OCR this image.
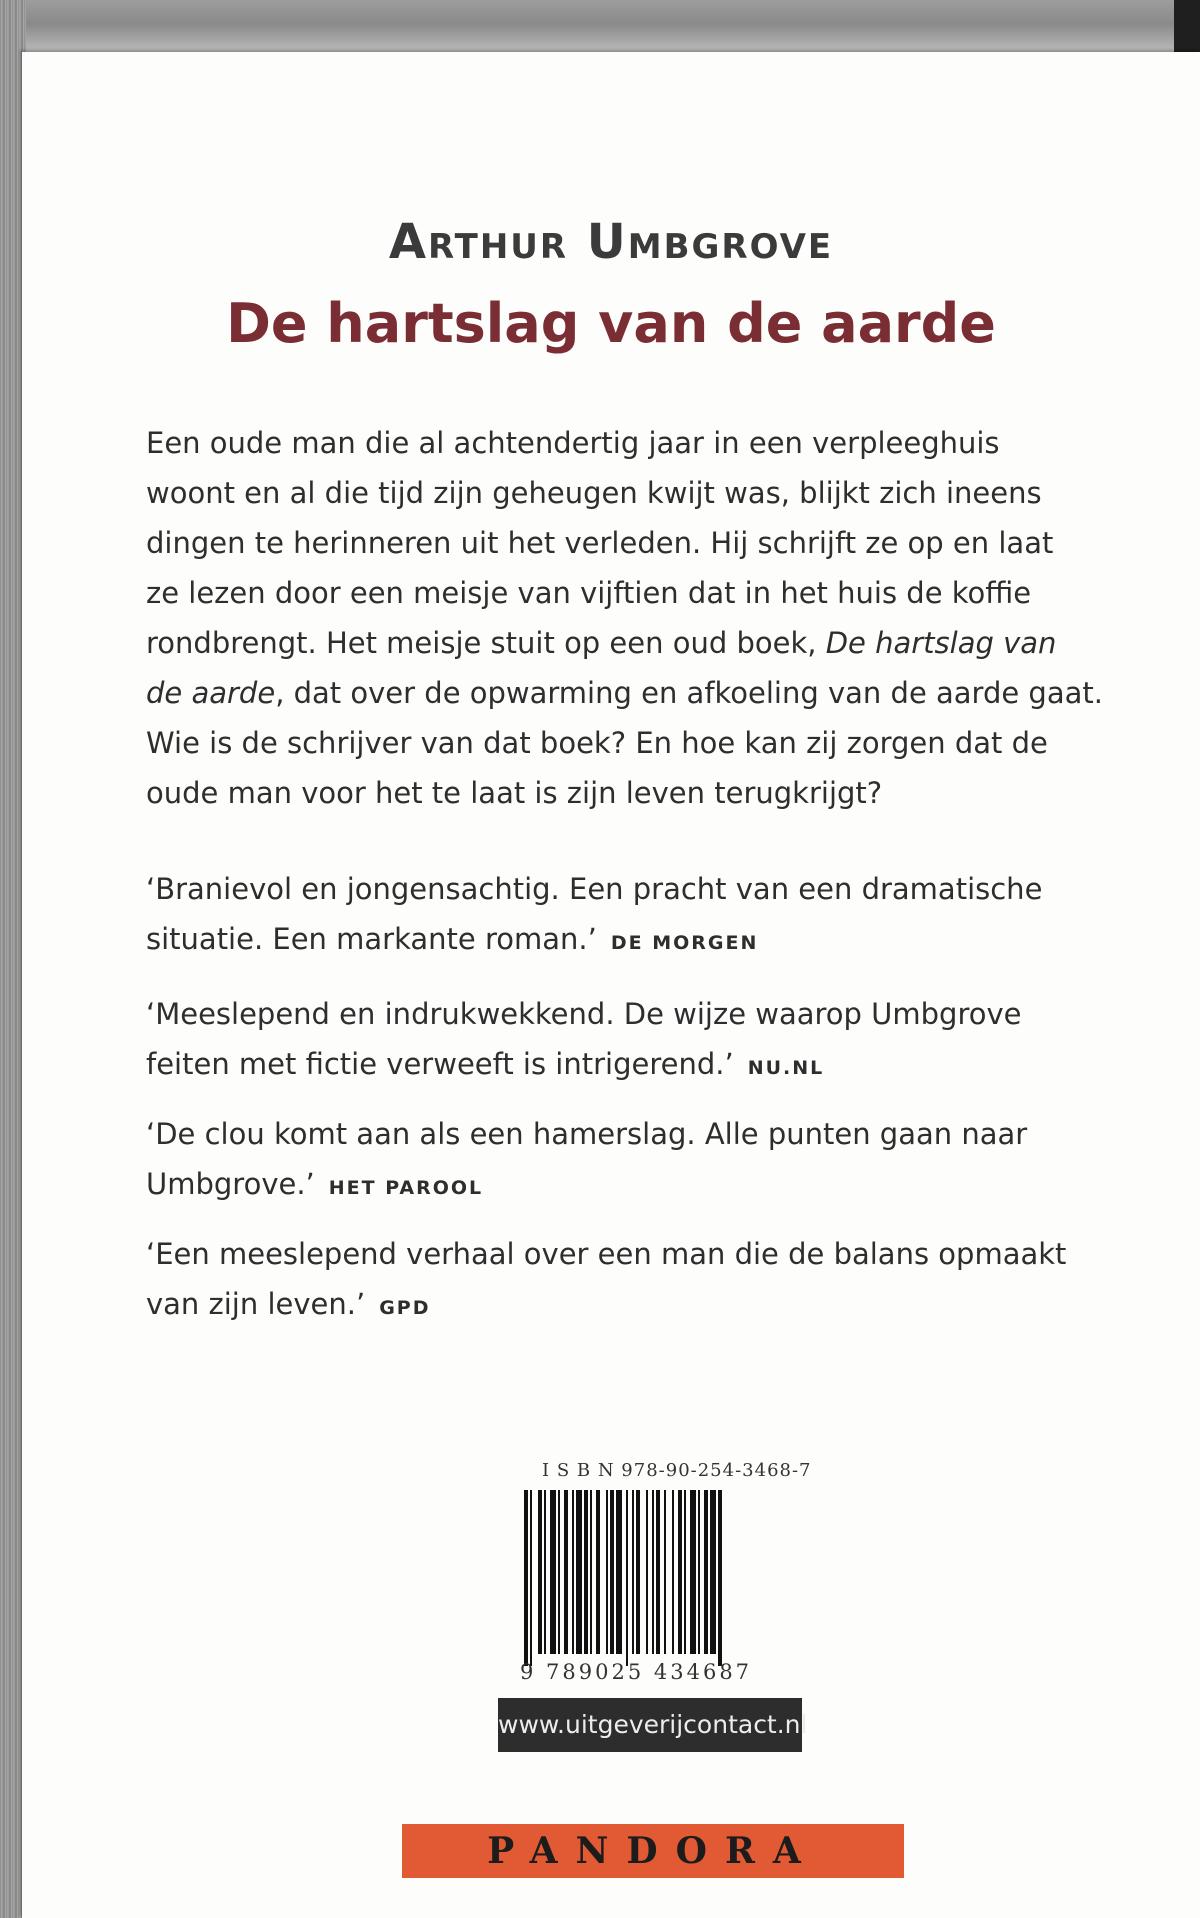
Arthur Umbgrove
De hartslag van de aarde
Een oude man die al achtendertig jaar in een verpleeghuis
woont en al die tijd zijn geheugen kwijt was, blijkt zich ineens
dingen te herinneren uit het verleden. Hij schrijft ze op en laat
ze lezen door een meisje van vijftien dat in het huis de koffie
rondbrengt. Het meisje stuit op een oud boek, De hartslag van
de aarde, dat over de opwarming en afkoeling van de aarde gaat.
Wie is de schrijver van dat boek? En hoe kan zij zorgen dat de
oude man voor het te laat is zijn leven terugkrijgt?
‘Branievol en jongensachtig. Een pracht van een dramatische
situatie. Een markante roman.’ DE MORGEN
‘Meeslepend en indrukwekkend. De wijze waarop Umbgrove
feiten met fictie verweeft is intrigerend.’ NU.NL
‘De clou komt aan als een hamerslag. Alle punten gaan naar
Umbgrove.’ HET PAROOL
‘Een meeslepend verhaal over een man die de balans opmaakt
van zijn leven.’ GPD
I S B N 978-90-254-3468-7
9 789025 434687
www.uitgeverijcontact.nl
PANDORA
